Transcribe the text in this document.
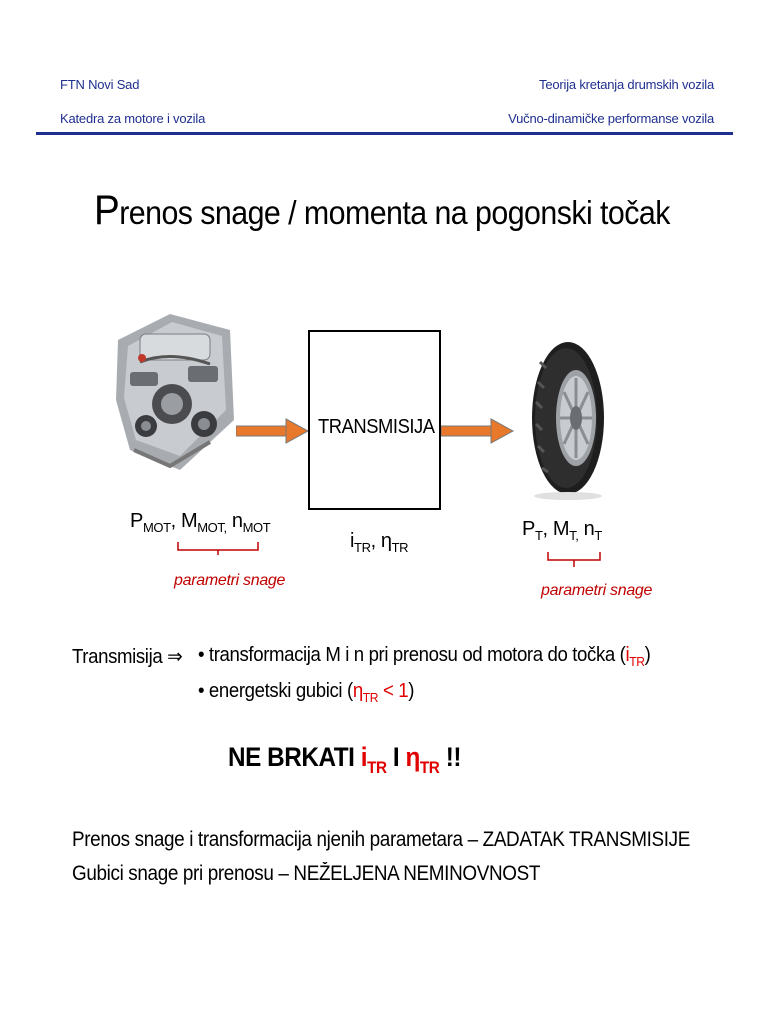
FTN Novi Sad
Katedra za motore i vozila
Teorija kretanja drumskih vozila
Vučno-dinamičke performanse vozila
Prenos snage / momenta na pogonski točak
TRANSMISIJA
$P_{MOT}$, $M_{MOT,}$ $n_{MOT}$
parametri snage
$i_{TR}$, $\eta_{TR}$
$P_T$, $M_{T,}$ $n_T$
parametri snage
Transmisija ⇒ • transformacija M i n pri prenosu od motora do točka $(i_{TR})$
• energetski gubici $(\eta_{TR} < 1)$
NE BRKATI $i_{TR}$ I $\eta_{TR}$ !!
Prenos snage i transformacija njenih parametara – ZADATAK TRANSMISIJE
Gubici snage pri prenosu – NEŽELJENA NEMINOVNOST
